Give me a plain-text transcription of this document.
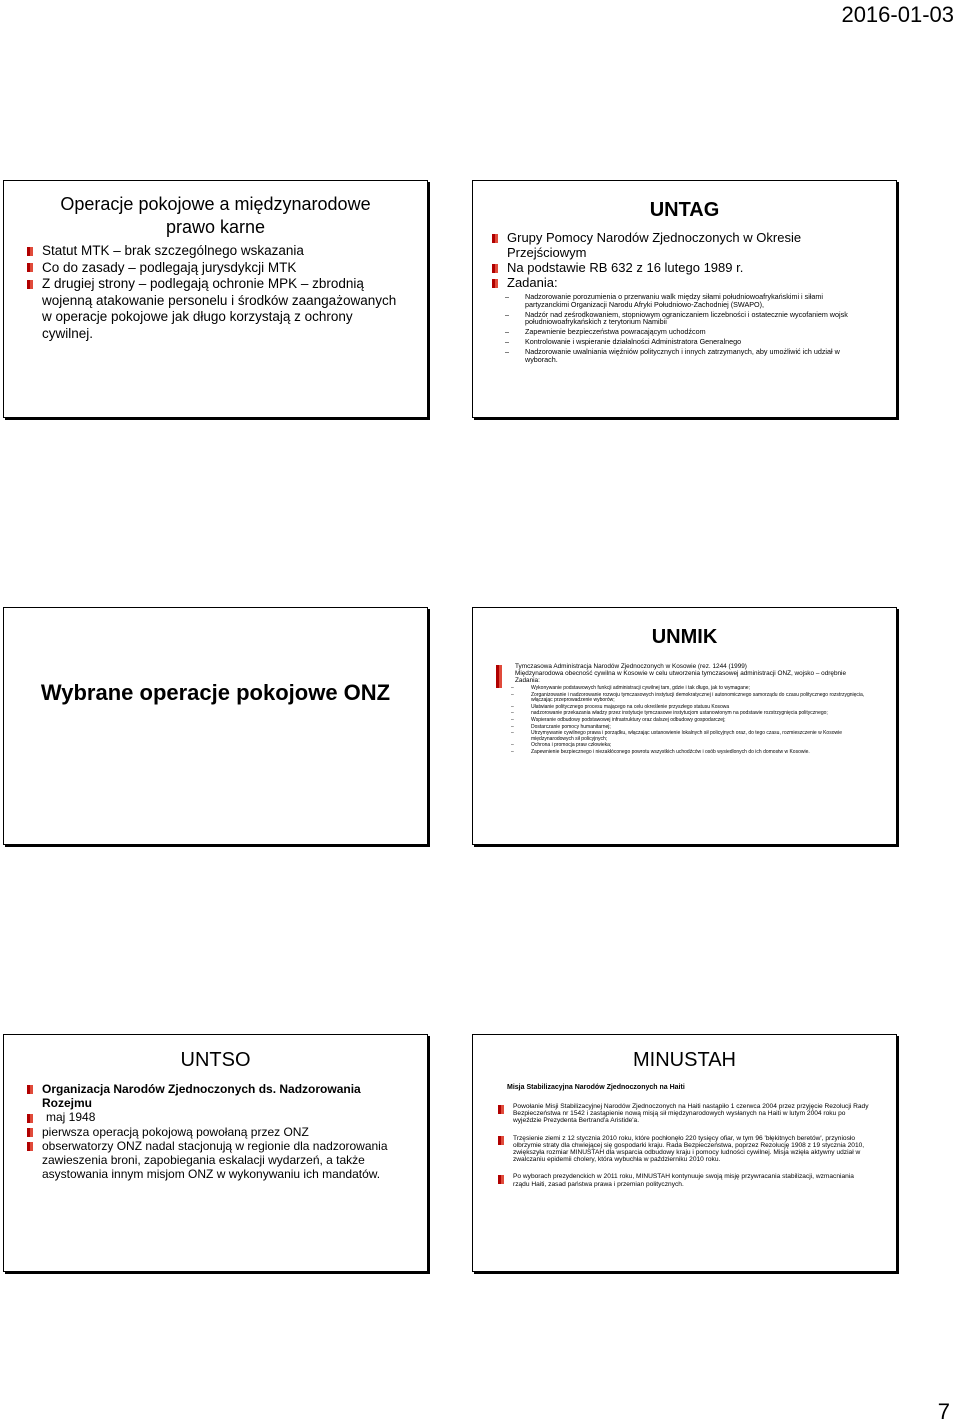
2016-01-03
Operacje pokojowe a międzynarodowe prawo karne
Statut MTK – brak szczególnego wskazania
Co do zasady – podlegają jurysdykcji MTK
Z drugiej strony – podlegają ochronie MPK – zbrodnią wojenną atakowanie personelu i środków zaangażowanych w operacje pokojowe jak długo korzystają z ochrony cywilnej.
UNTAG
Grupy Pomocy Narodów Zjednoczonych w Okresie Przejściowym
Na podstawie RB 632 z 16 lutego 1989 r.
Zadania:
– Nadzorowanie porozumienia o przerwaniu walk między siłami południowoafrykańskimi i siłami partyzanckimi Organizacji Narodu Afryki Południowo-Zachodniej (SWAPO),
– Nadzór nad ześrodkowaniem, stopniowym ograniczaniem liczebności i ostatecznie wycofaniem wojsk południowoafrykańskich z terytorium Namibii
– Zapewnienie bezpieczeństwa powracającym uchodźcom
– Kontrolowanie i wspieranie działalności Administratora Generalnego
– Nadzorowanie uwalniania więźniów politycznych i innych zatrzymanych, aby umożliwić ich udział w wyborach.
Wybrane operacje pokojowe ONZ
UNMIK
Tymczasowa Administracja Narodów Zjednoczonych w Kosowie (rez. 1244 (1999)
Międzynarodowa obecność cywilna w Kosowie w celu utworzenia tymczasowej administracji ONZ, wojsko – odrębnie
Zadania:
– Wykonywanie podstawowych funkcji administracji cywilnej tam, gdzie i tak długo, jak to wymagane;
– Zorganizowanie i nadzorowanie rozwoju tymczasowych instytucji demokratycznej i autonomicznego samorządu do czasu politycznego rozstrzygnięcia, włączając przeprowadzenie wyborów;
– Ułatwianie politycznego procesu mającego na celu określenie przyszłego statusu Kosowa
– nadzorowanie przekazania władzy przez instytucje tymczasowe instytucjom ustanowionym na podstawie rozstrzygnięcia politycznego;
– Wspieranie odbudowy podstawowej infrastruktury oraz dalszej odbudowy gospodarczej;
– Dostarczanie pomocy humanitarnej;
– Utrzymywanie cywilnego prawa i porządku, włączając ustanowienie lokalnych sił policyjnych oraz, do tego czasu, rozmieszczenie w Kosowie międzynarodowych sił policyjnych;
– Ochrona i promocja praw człowieka;
– Zapewnienie bezpiecznego i niezakłóconego powrotu wszystkich uchodźców i osób wysiedlonych do ich domostw w Kosowie.
UNTSO
Organizacja Narodów Zjednoczonych ds. Nadzorowania Rozejmu
maj 1948
pierwsza operacją pokojową powołaną przez ONZ
obserwatorzy ONZ nadal stacjonują w regionie dla nadzorowania zawieszenia broni, zapobiegania eskalacji wydarzeń, a także asystowania innym misjom ONZ w wykonywaniu ich mandatów.
MINUSTAH
Misja Stabilizacyjna Narodów Zjednoczonych na Haiti
Powołanie Misji Stabilizacyjnej Narodów Zjednoczonych na Haiti nastąpiło 1 czerwca 2004 przez przyjęcie Rezolucji Rady Bezpieczeństwa nr 1542 i zastąpienie nową misją sił międzynarodowych wysłanych na Haiti w lutym 2004 roku po wyjeździe Prezydenta Bertrand'a Aristide'a.
Trzęsienie ziemi z 12 stycznia 2010 roku, które pochłonęło 220 tysięcy ofiar, w tym 96 'błękitnych beretów', przyniosło olbrzymie straty dla chwiejącej się gospodarki kraju. Rada Bezpieczeństwa, poprzez Rezolucję 1908 z 19 stycznia 2010, zwiększyła rozmiar MINUSTAH dla wsparcia odbudowy kraju i pomocy ludności cywilnej. Misja wzięła aktywny udział w zwalczaniu epidemii cholery, która wybuchła w październiku 2010 roku.
Po wyborach prezydenckich w 2011 roku, MINUSTAH kontynuuje swoją misję przywracania stabilizacji, wzmacniania rządu Haiti, zasad państwa prawa i przemian politycznych.
7
